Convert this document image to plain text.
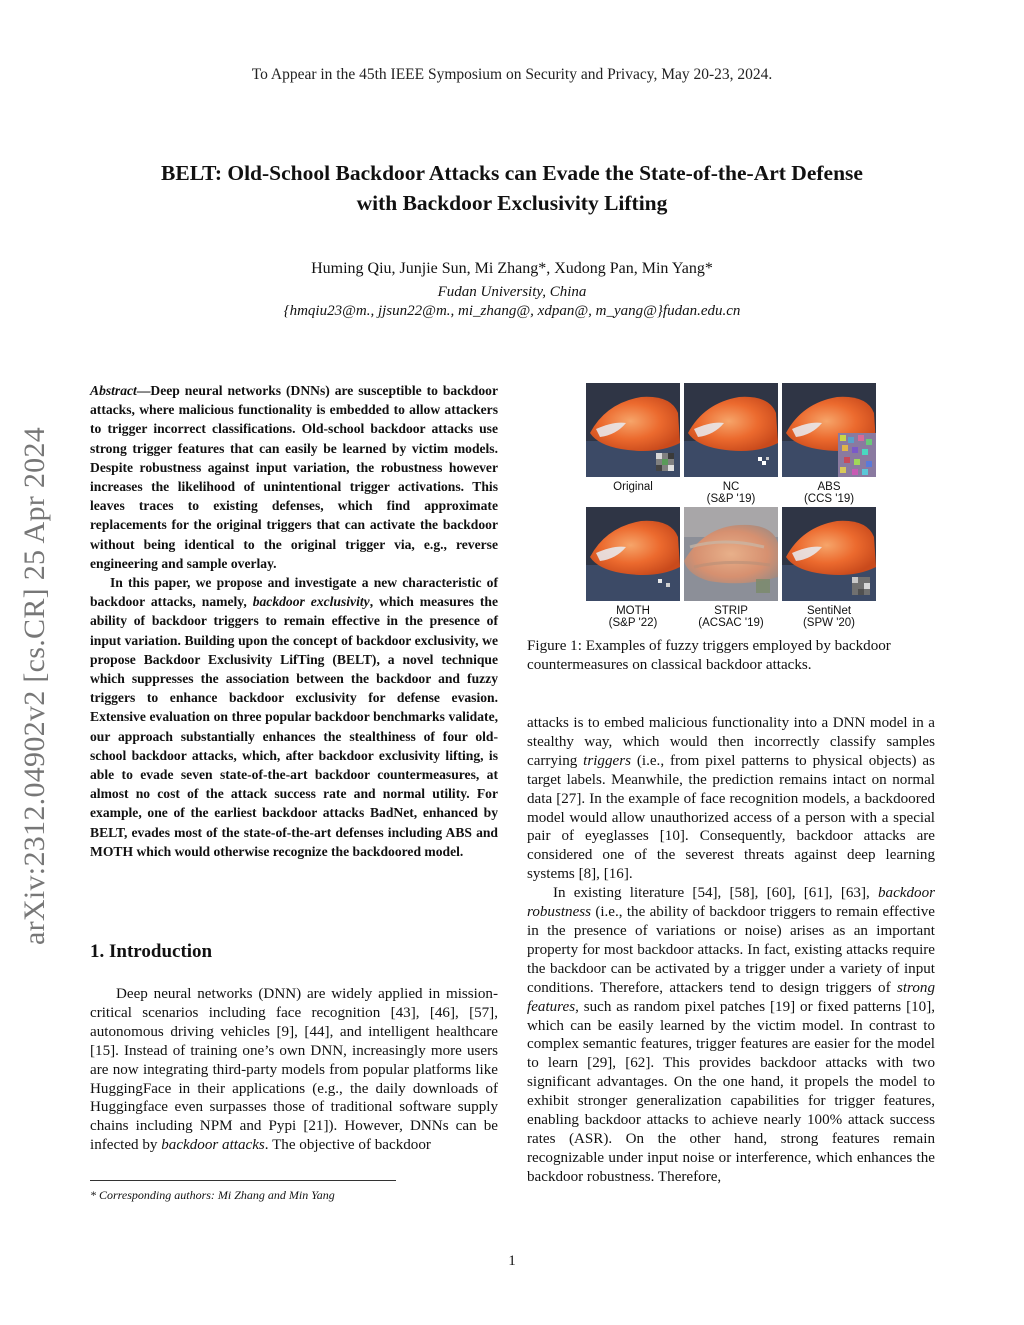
To Appear in the 45th IEEE Symposium on Security and Privacy, May 20-23, 2024.
BELT: Old-School Backdoor Attacks can Evade the State-of-the-Art Defense
with Backdoor Exclusivity Lifting
Huming Qiu, Junjie Sun, Mi Zhang*, Xudong Pan, Min Yang*
Fudan University, China
{hmqiu23@m., jjsun22@m., mi_zhang@, xdpan@, m_yang@}fudan.edu.cn
arXiv:2312.04902v2 [cs.CR] 25 Apr 2024

Abstract—Deep neural networks (DNNs) are susceptible to backdoor attacks, where malicious functionality is embedded to allow attackers to trigger incorrect classifications. Old-school backdoor attacks use strong trigger features that can easily be learned by victim models. Despite robustness against input variation, the robustness however increases the likelihood of unintentional trigger activations. This leaves traces to existing defenses, which find approximate replacements for the original triggers that can activate the backdoor without being identical to the original trigger via, e.g., reverse engineering and sample overlay.

In this paper, we propose and investigate a new characteristic of backdoor attacks, namely, backdoor exclusivity, which measures the ability of backdoor triggers to remain effective in the presence of input variation. Building upon the concept of backdoor exclusivity, we propose Backdoor Exclusivity LifTing (BELT), a novel technique which suppresses the association between the backdoor and fuzzy triggers to enhance backdoor exclusivity for defense evasion. Extensive evaluation on three popular backdoor benchmarks validate, our approach substantially enhances the stealthiness of four old-school backdoor attacks, which, after backdoor exclusivity lifting, is able to evade seven state-of-the-art backdoor countermeasures, at almost no cost of the attack success rate and normal utility. For example, one of the earliest backdoor attacks BadNet, enhanced by BELT, evades most of the state-of-the-art defenses including ABS and MOTH which would otherwise recognize the backdoored model.

1. Introduction

Deep neural networks (DNN) are widely applied in mission-critical scenarios including face recognition [43], [46], [57], autonomous driving vehicles [9], [44], and intelligent healthcare [15]. Instead of training one’s own DNN, increasingly more users are now integrating third-party models from popular platforms like HuggingFace in their applications (e.g., the daily downloads of Huggingface even surpasses those of traditional software supply chains including NPM and Pypi [21]). However, DNNs can be infected by backdoor attacks. The objective of backdoor

* Corresponding authors: Mi Zhang and Min Yang
Original	NC
(S&P '19)
ABS
(CCS '19)
MOTH
(S&P '22)
STRIP
(ACSAC '19)
SentiNet
(SPW '20)
Figure 1: Examples of fuzzy triggers employed by backdoor countermeasures on classical backdoor attacks.

attacks is to embed malicious functionality into a DNN model in a stealthy way, which would then incorrectly classify samples carrying triggers (i.e., from pixel patterns to physical objects) as target labels. Meanwhile, the prediction remains intact on normal data [27]. In the example of face recognition models, a backdoored model would allow unauthorized access of a person with a special pair of eyeglasses [10]. Consequently, backdoor attacks are considered one of the severest threats against deep learning systems [8], [16].

In existing literature [54], [58], [60], [61], [63], backdoor robustness (i.e., the ability of backdoor triggers to remain effective in the presence of variations or noise) arises as an important property for most backdoor attacks. In fact, existing attacks require the backdoor can be activated by a trigger under a variety of input conditions. Therefore, attackers tend to design triggers of strong features, such as random pixel patches [19] or fixed patterns [10], which can be easily learned by the victim model. In contrast to complex semantic features, trigger features are easier for the model to learn [29], [62]. This provides backdoor attacks with two significant advantages. On the one hand, it propels the model to exhibit stronger generalization capabilities for trigger features, enabling backdoor attacks to achieve nearly 100% attack success rates (ASR). On the other hand, strong features remain recognizable under input noise or interference, which enhances the backdoor robustness. Therefore,

1
